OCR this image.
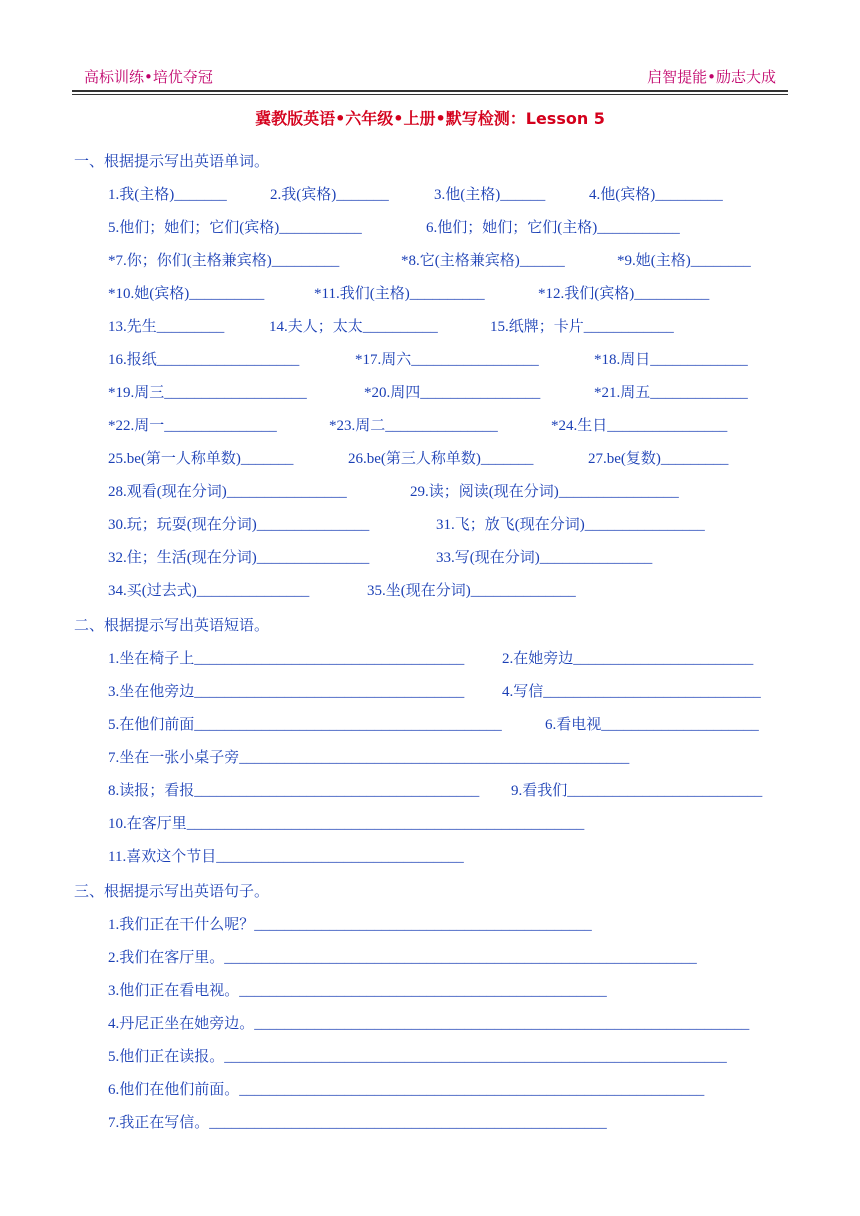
高标训练•培优夺冠	启智提能•励志大成
冀教版英语•六年级•上册•默写检测：Lesson 5
一、根据提示写出英语单词。
1.我(主格)_______	2.我(宾格)_______	3.他(主格)______	4.他(宾格)_________
5.他们；她们；它们(宾格)___________	6.他们；她们；它们(主格)___________
*7.你；你们(主格兼宾格)_________	*8.它(主格兼宾格)______	*9.她(主格)________
*10.她(宾格)__________	*11.我们(主格)__________	*12.我们(宾格)__________
13.先生_________	14.夫人；太太__________	15.纸牌；卡片____________
16.报纸___________________	*17.周六_________________	*18.周日_____________
*19.周三___________________	*20.周四________________	*21.周五_____________
*22.周一_______________	*23.周二_______________	*24.生日________________
25.be(第一人称单数)_______	26.be(第三人称单数)_______	27.be(复数)_________
28.观看(现在分词)________________	29.读；阅读(现在分词)________________
30.玩；玩耍(现在分词)_______________	31.飞；放飞(现在分词)________________
32.住；生活(现在分词)_______________	33.写(现在分词)_______________
34.买(过去式)_______________	35.坐(现在分词)______________
二、根据提示写出英语短语。
1.坐在椅子上____________________________________	2.在她旁边________________________
3.坐在他旁边____________________________________	4.写信_____________________________
5.在他们前面_________________________________________	6.看电视_____________________
7.坐在一张小桌子旁____________________________________________________
8.读报；看报______________________________________ 9.看我们__________________________
10.在客厅里_____________________________________________________
11.喜欢这个节目_________________________________
三、根据提示写出英语句子。
1.我们正在干什么呢？_____________________________________________
2.我们在客厅里。_______________________________________________________________
3.他们正在看电视。_________________________________________________
4.丹尼正坐在她旁边。__________________________________________________________________
5.他们正在读报。___________________________________________________________________
6.他们在他们前面。______________________________________________________________
7.我正在写信。_____________________________________________________
